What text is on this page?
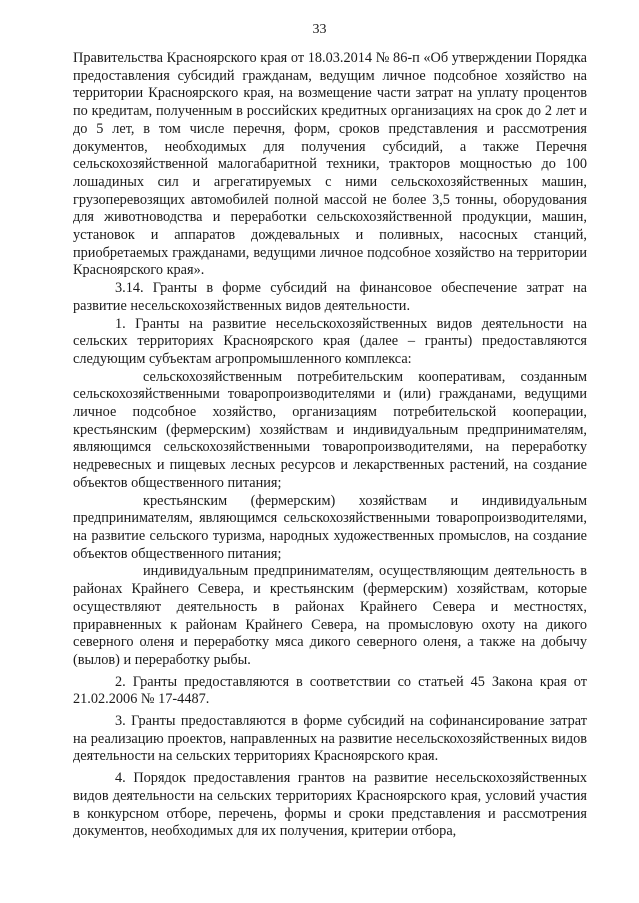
33

Правительства Красноярского края от 18.03.2014 № 86-п «Об утверждении Порядка предоставления субсидий гражданам, ведущим личное подсобное хозяйство на территории Красноярского края, на возмещение части затрат на уплату процентов по кредитам, полученным в российских кредитных организациях на срок до 2 лет и до 5 лет, в том числе перечня, форм, сроков представления и рассмотрения документов, необходимых для получения субсидий, а также Перечня сельскохозяйственной малогабаритной техники, тракторов мощностью до 100 лошадиных сил и агрегатируемых с ними сельскохозяйственных машин, грузоперевозящих автомобилей полной массой не более 3,5 тонны, оборудования для животноводства и переработки сельскохозяйственной продукции, машин, установок и аппаратов дождевальных и поливных, насосных станций, приобретаемых гражданами, ведущими личное подсобное хозяйство на территории Красноярского края».

3.14. Гранты в форме субсидий на финансовое обеспечение затрат на развитие несельскохозяйственных видов деятельности.

1. Гранты на развитие несельскохозяйственных видов деятельности на сельских территориях Красноярского края (далее – гранты) предоставляются следующим субъектам агропромышленного комплекса:

сельскохозяйственным потребительским кооперативам, созданным сельскохозяйственными товаропроизводителями и (или) гражданами, ведущими личное подсобное хозяйство, организациям потребительской кооперации, крестьянским (фермерским) хозяйствам и индивидуальным предпринимателям, являющимся сельскохозяйственными товаропроизводителями, на переработку недревесных и пищевых лесных ресурсов и лекарственных растений, на создание объектов общественного питания;

крестьянским (фермерским) хозяйствам и индивидуальным предпринимателям, являющимся сельскохозяйственными товаропроизводителями, на развитие сельского туризма, народных художественных промыслов, на создание объектов общественного питания;

индивидуальным предпринимателям, осуществляющим деятельность в районах Крайнего Севера, и крестьянским (фермерским) хозяйствам, которые осуществляют деятельность в районах Крайнего Севера и местностях, приравненных к районам Крайнего Севера, на промысловую охоту на дикого северного оленя и переработку мяса дикого северного оленя, а также на добычу (вылов) и переработку рыбы.

2. Гранты предоставляются в соответствии со статьей 45 Закона края от 21.02.2006 № 17-4487.

3. Гранты предоставляются в форме субсидий на софинансирование затрат на реализацию проектов, направленных на развитие несельскохозяйственных видов деятельности на сельских территориях Красноярского края.

4. Порядок предоставления грантов на развитие несельскохозяйственных видов деятельности на сельских территориях Красноярского края, условий участия в конкурсном отборе, перечень, формы и сроки представления и рассмотрения документов, необходимых для их получения, критерии отбора,
